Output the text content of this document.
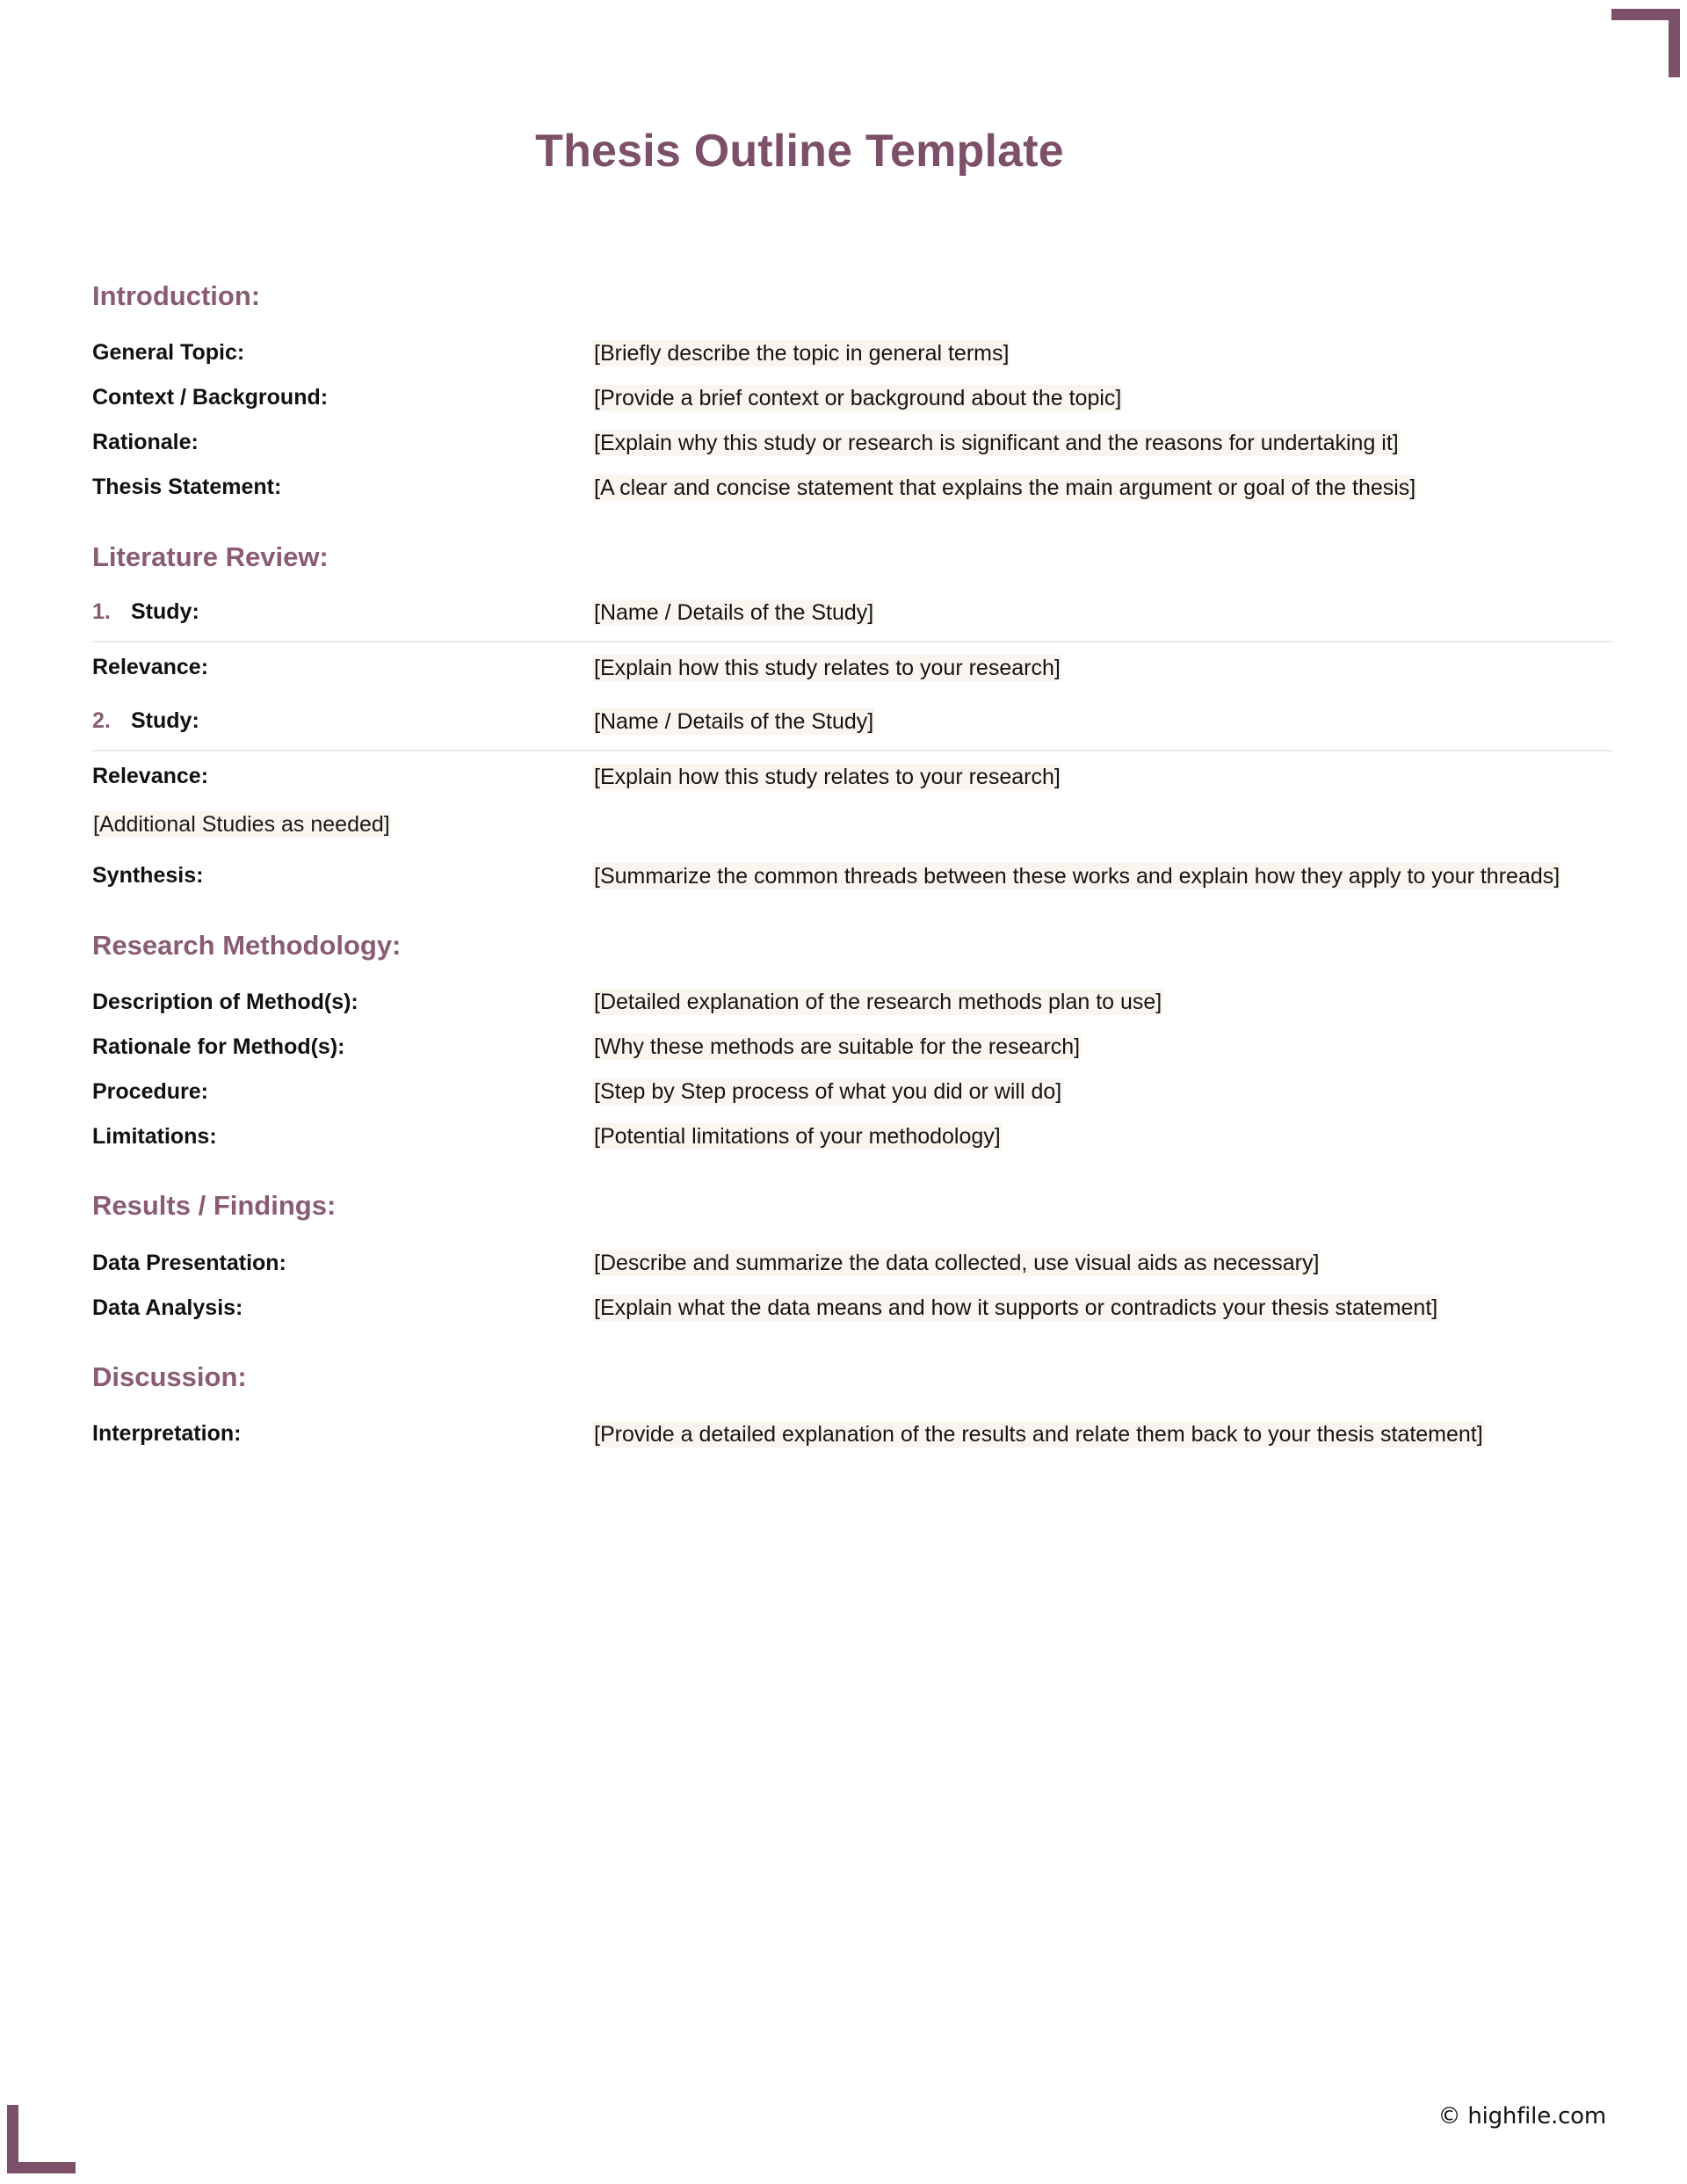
Thesis Outline Template
Introduction:
General Topic:	[Briefly describe the topic in general terms]
Context / Background:	[Provide a brief context or background about the topic]
Rationale:	[Explain why this study or research is significant and the reasons for undertaking it]
Thesis Statement:	[A clear and concise statement that explains the main argument or goal of the thesis]
Literature Review:
1. Study:	[Name / Details of the Study]
Relevance:	[Explain how this study relates to your research]
2. Study:	[Name / Details of the Study]
Relevance:	[Explain how this study relates to your research]
[Additional Studies as needed]
Synthesis:	[Summarize the common threads between these works and explain how they apply to your threads]
Research Methodology:
Description of Method(s):	[Detailed explanation of the research methods plan to use]
Rationale for Method(s):	[Why these methods are suitable for the research]
Procedure:	[Step by Step process of what you did or will do]
Limitations:	[Potential limitations of your methodology]
Results / Findings:
Data Presentation:	[Describe and summarize the data collected, use visual aids as necessary]
Data Analysis:	[Explain what the data means and how it supports or contradicts your thesis statement]
Discussion:
Interpretation:	[Provide a detailed explanation of the results and relate them back to your thesis statement]
© highfile.com
